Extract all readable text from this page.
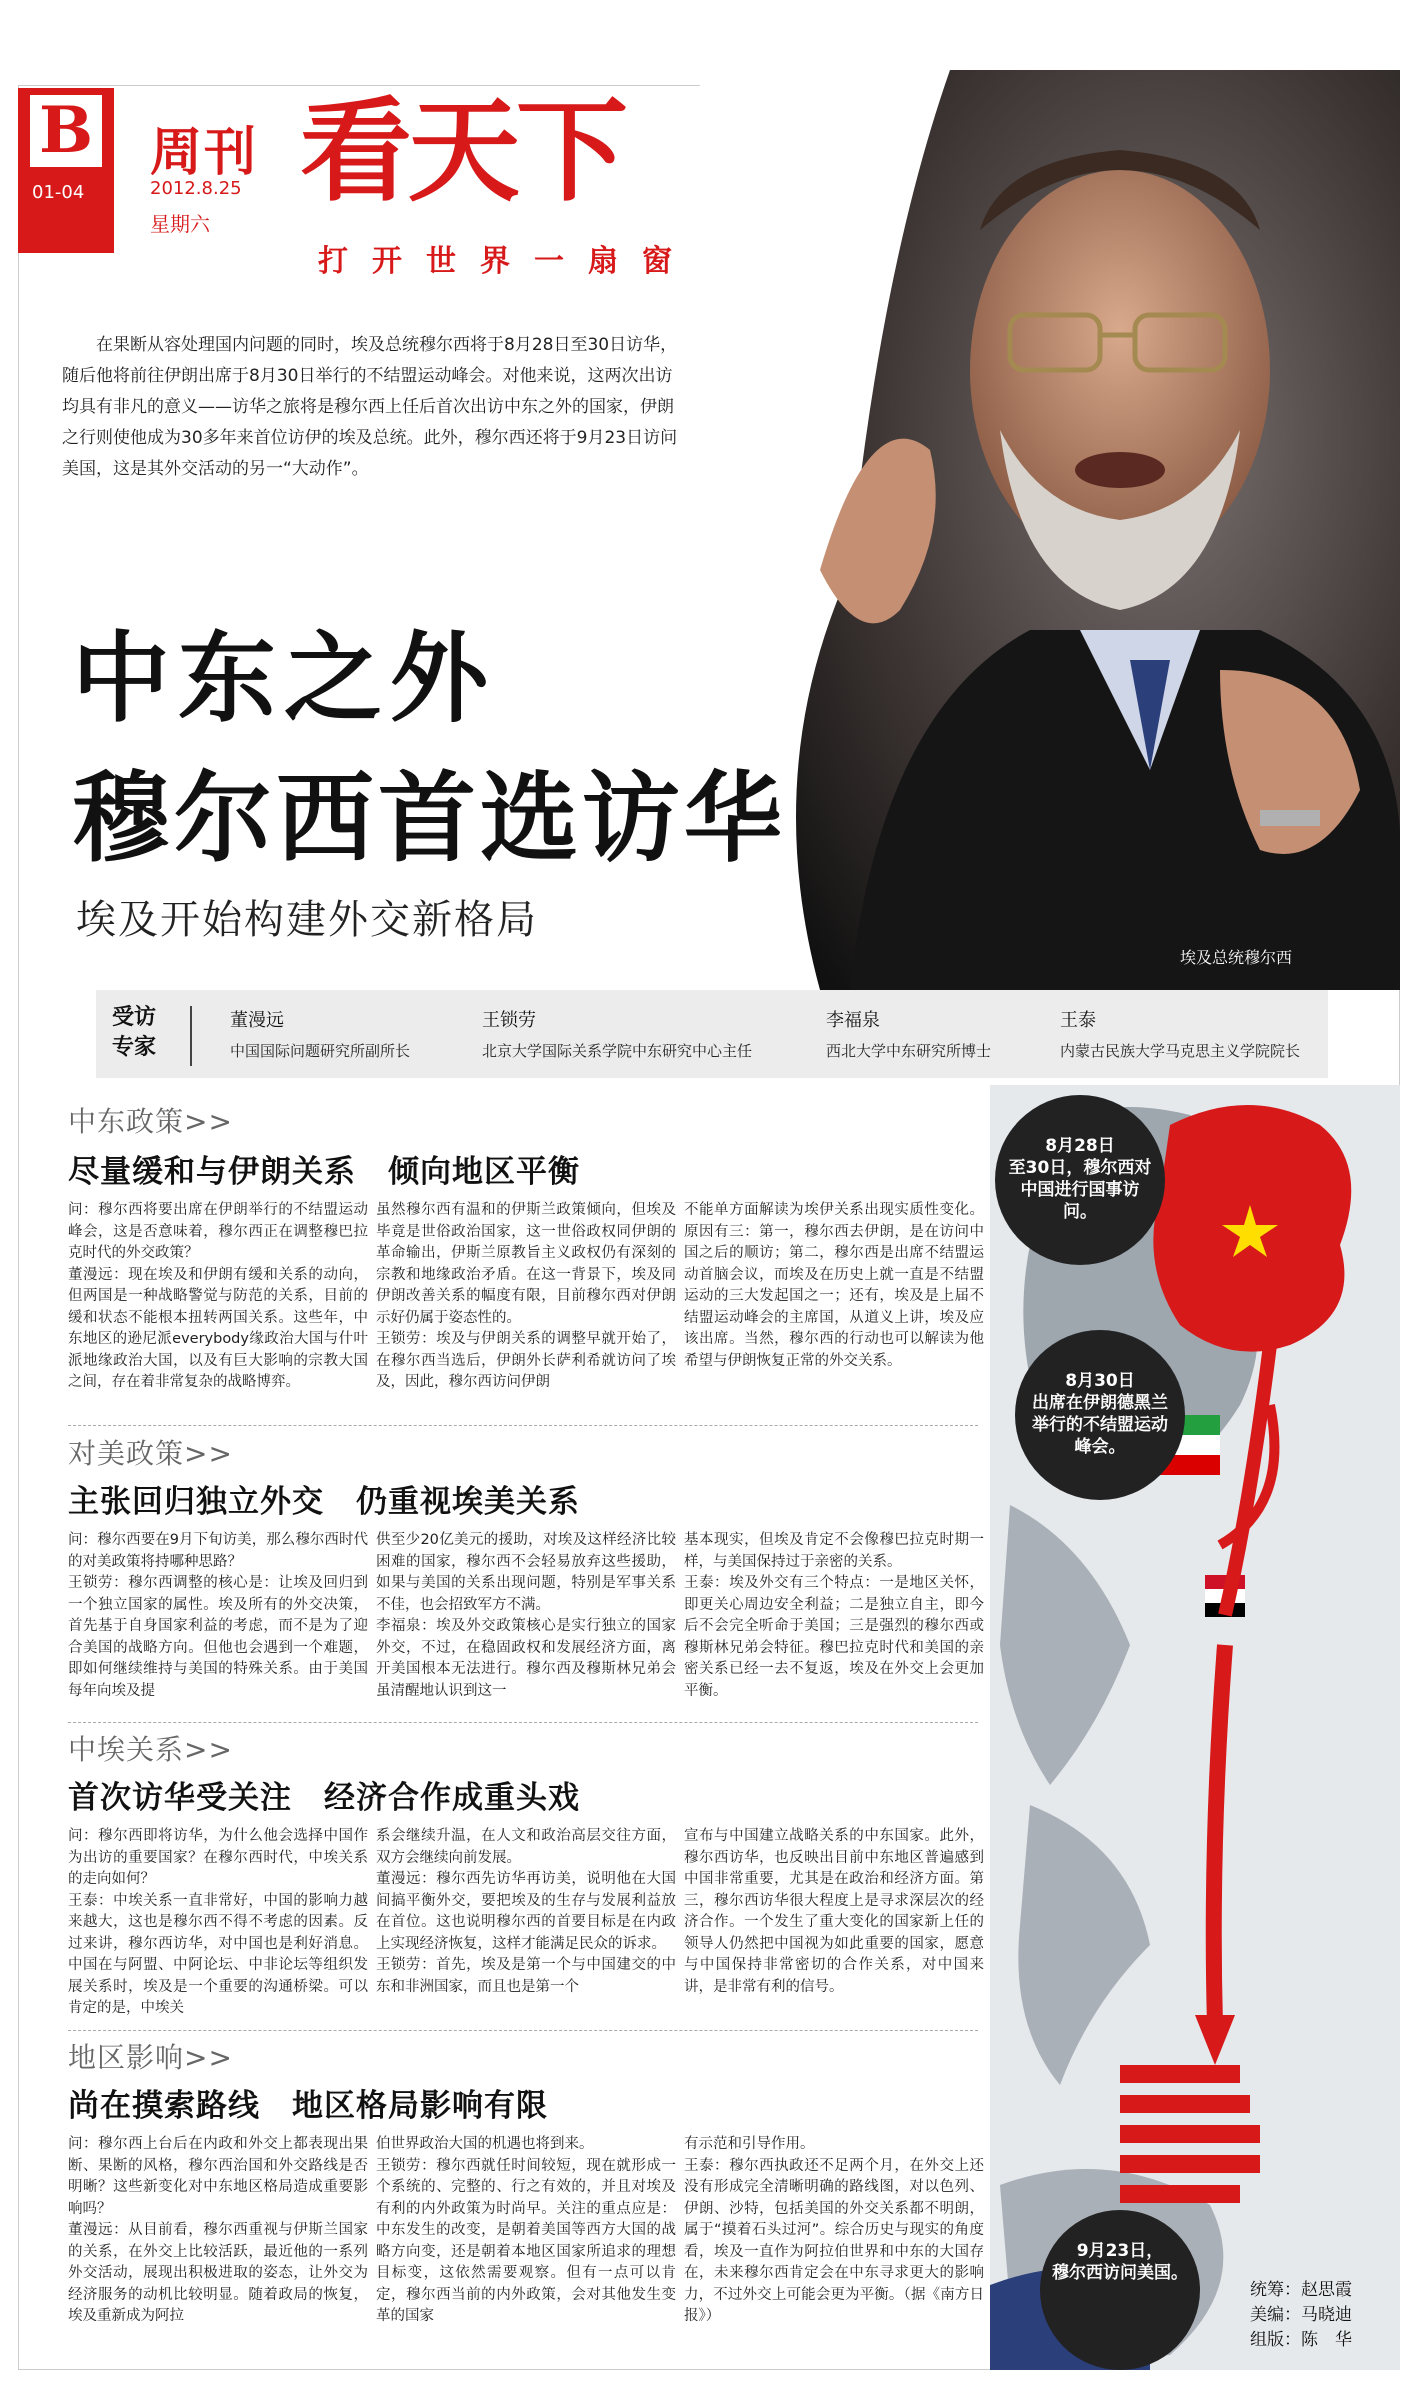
B
01-04
周刊
2012.8.25
星期六
看天下
打开世界一扇窗
埃及总统穆尔西
在果断从容处理国内问题的同时，埃及总统穆尔西将于8月28日至30日访华，随后他将前往伊朗出席于8月30日举行的不结盟运动峰会。对他来说，这两次出访均具有非凡的意义——访华之旅将是穆尔西上任后首次出访中东之外的国家，伊朗之行则使他成为30多年来首位访伊的埃及总统。此外，穆尔西还将于9月23日访问美国，这是其外交活动的另一“大动作”。
中东之外
穆尔西首选访华
埃及开始构建外交新格局
受访专家
董漫远
中国国际问题研究所副所长
王锁劳
北京大学国际关系学院中东研究中心主任
李福泉
西北大学中东研究所博士
王泰
内蒙古民族大学马克思主义学院院长
8月28日
至30日，穆尔西对中国进行国事访问。
8月30日
出席在伊朗德黑兰举行的不结盟运动峰会。
9月23日，
穆尔西访问美国。
中东政策>>
尽量缓和与伊朗关系　倾向地区平衡
问：穆尔西将要出席在伊朗举行的不结盟运动峰会，这是否意味着，穆尔西正在调整穆巴拉克时代的外交政策？
董漫远：现在埃及和伊朗有缓和关系的动向，但两国是一种战略警觉与防范的关系，目前的缓和状态不能根本扭转两国关系。这些年，中东地区的逊尼派everybody缘政治大国与什叶派地缘政治大国，以及有巨大影响的宗教大国之间，存在着非常复杂的战略博弈。
虽然穆尔西有温和的伊斯兰政策倾向，但埃及毕竟是世俗政治国家，这一世俗政权同伊朗的革命输出，伊斯兰原教旨主义政权仍有深刻的宗教和地缘政治矛盾。在这一背景下，埃及同伊朗改善关系的幅度有限，目前穆尔西对伊朗示好仍属于姿态性的。
王锁劳：埃及与伊朗关系的调整早就开始了，在穆尔西当选后，伊朗外长萨利希就访问了埃及，因此，穆尔西访问伊朗
不能单方面解读为埃伊关系出现实质性变化。原因有三：第一，穆尔西去伊朗，是在访问中国之后的顺访；第二，穆尔西是出席不结盟运动首脑会议，而埃及在历史上就一直是不结盟运动的三大发起国之一；还有，埃及是上届不结盟运动峰会的主席国，从道义上讲，埃及应该出席。当然，穆尔西的行动也可以解读为他希望与伊朗恢复正常的外交关系。
对美政策>>
主张回归独立外交　仍重视埃美关系
问：穆尔西要在9月下旬访美，那么穆尔西时代的对美政策将持哪种思路？
王锁劳：穆尔西调整的核心是：让埃及回归到一个独立国家的属性。埃及所有的外交决策，首先基于自身国家利益的考虑，而不是为了迎合美国的战略方向。但他也会遇到一个难题，即如何继续维持与美国的特殊关系。由于美国每年向埃及提
供至少20亿美元的援助，对埃及这样经济比较困难的国家，穆尔西不会轻易放弃这些援助，如果与美国的关系出现问题，特别是军事关系不佳，也会招致军方不满。
李福泉：埃及外交政策核心是实行独立的国家外交，不过，在稳固政权和发展经济方面，离开美国根本无法进行。穆尔西及穆斯林兄弟会虽清醒地认识到这一
基本现实，但埃及肯定不会像穆巴拉克时期一样，与美国保持过于亲密的关系。
王泰：埃及外交有三个特点：一是地区关怀，即更关心周边安全利益；二是独立自主，即今后不会完全听命于美国；三是强烈的穆尔西或穆斯林兄弟会特征。穆巴拉克时代和美国的亲密关系已经一去不复返，埃及在外交上会更加平衡。
中埃关系>>
首次访华受关注　经济合作成重头戏
问：穆尔西即将访华，为什么他会选择中国作为出访的重要国家？在穆尔西时代，中埃关系的走向如何？
王泰：中埃关系一直非常好，中国的影响力越来越大，这也是穆尔西不得不考虑的因素。反过来讲，穆尔西访华，对中国也是利好消息。中国在与阿盟、中阿论坛、中非论坛等组织发展关系时，埃及是一个重要的沟通桥梁。可以肯定的是，中埃关
系会继续升温，在人文和政治高层交往方面，双方会继续向前发展。
董漫远：穆尔西先访华再访美，说明他在大国间搞平衡外交，要把埃及的生存与发展利益放在首位。这也说明穆尔西的首要目标是在内政上实现经济恢复，这样才能满足民众的诉求。
王锁劳：首先，埃及是第一个与中国建交的中东和非洲国家，而且也是第一个
宣布与中国建立战略关系的中东国家。此外，穆尔西访华，也反映出目前中东地区普遍感到中国非常重要，尤其是在政治和经济方面。第三，穆尔西访华很大程度上是寻求深层次的经济合作。一个发生了重大变化的国家新上任的领导人仍然把中国视为如此重要的国家，愿意与中国保持非常密切的合作关系，对中国来讲，是非常有利的信号。
地区影响>>
尚在摸索路线　地区格局影响有限
问：穆尔西上台后在内政和外交上都表现出果断、果断的风格，穆尔西治国和外交路线是否明晰？这些新变化对中东地区格局造成重要影响吗？
董漫远：从目前看，穆尔西重视与伊斯兰国家的关系，在外交上比较活跃，最近他的一系列外交活动，展现出积极进取的姿态，让外交为经济服务的动机比较明显。随着政局的恢复，埃及重新成为阿拉
伯世界政治大国的机遇也将到来。
王锁劳：穆尔西就任时间较短，现在就形成一个系统的、完整的、行之有效的，并且对埃及有利的内外政策为时尚早。关注的重点应是：中东发生的改变，是朝着美国等西方大国的战略方向变，还是朝着本地区国家所追求的理想目标变，这依然需要观察。但有一点可以肯定，穆尔西当前的内外政策，会对其他发生变革的国家
有示范和引导作用。
王泰：穆尔西执政还不足两个月，在外交上还没有形成完全清晰明确的路线图，对以色列、伊朗、沙特，包括美国的外交关系都不明朗，属于“摸着石头过河”。综合历史与现实的角度看，埃及一直作为阿拉伯世界和中东的大国存在，未来穆尔西肯定会在中东寻求更大的影响力，不过外交上可能会更为平衡。（据《南方日报》）
统筹：赵思霞
美编：马晓迪
组版：陈　华
